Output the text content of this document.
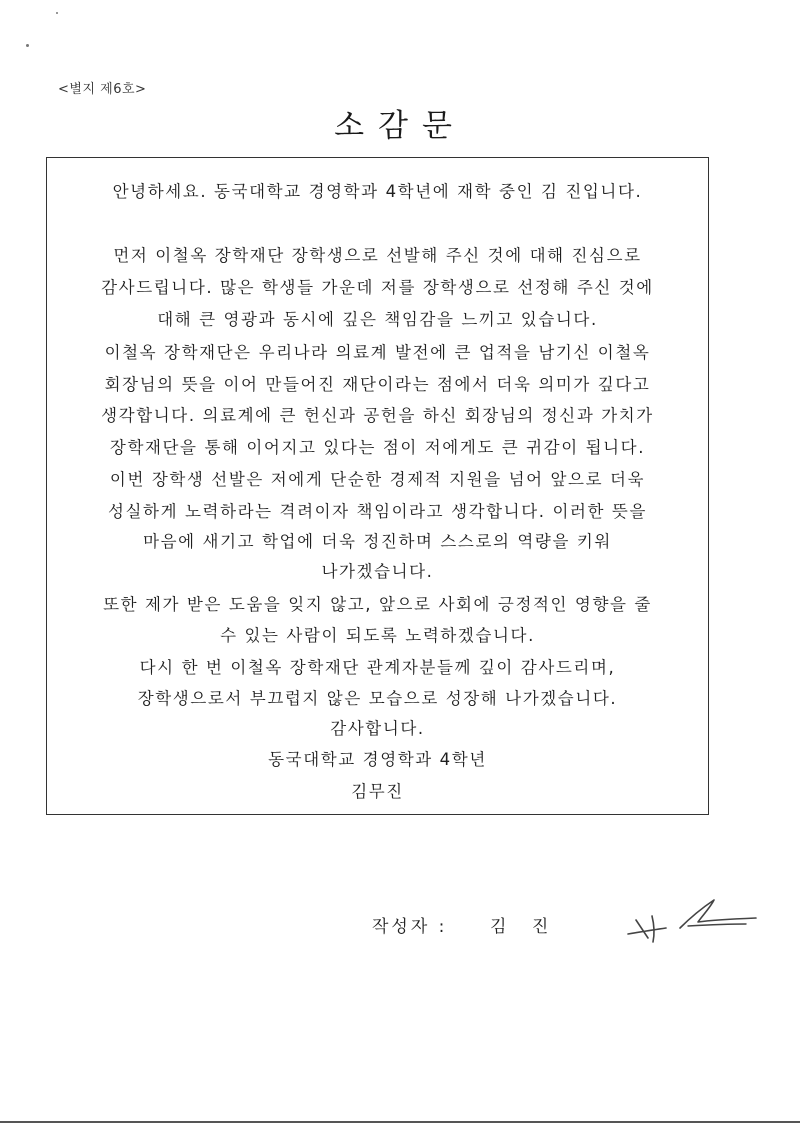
<별지 제6호>
소감문
안녕하세요. 동국대학교 경영학과 4학년에 재학 중인 김 진입니다.
먼저 이철옥 장학재단 장학생으로 선발해 주신 것에 대해 진심으로
감사드립니다. 많은 학생들 가운데 저를 장학생으로 선정해 주신 것에
대해 큰 영광과 동시에 깊은 책임감을 느끼고 있습니다.
이철옥 장학재단은 우리나라 의료계 발전에 큰 업적을 남기신 이철옥
회장님의 뜻을 이어 만들어진 재단이라는 점에서 더욱 의미가 깊다고
생각합니다. 의료계에 큰 헌신과 공헌을 하신 회장님의 정신과 가치가
장학재단을 통해 이어지고 있다는 점이 저에게도 큰 귀감이 됩니다.
이번 장학생 선발은 저에게 단순한 경제적 지원을 넘어 앞으로 더욱
성실하게 노력하라는 격려이자 책임이라고 생각합니다. 이러한 뜻을
마음에 새기고 학업에 더욱 정진하며 스스로의 역량을 키워
나가겠습니다.
또한 제가 받은 도움을 잊지 않고, 앞으로 사회에 긍정적인 영향을 줄
수 있는 사람이 되도록 노력하겠습니다.
다시 한 번 이철옥 장학재단 관계자분들께 깊이 감사드리며,
장학생으로서 부끄럽지 않은 모습으로 성장해 나가겠습니다.
감사합니다.
동국대학교 경영학과 4학년
김무진
작성자 :	김 진
